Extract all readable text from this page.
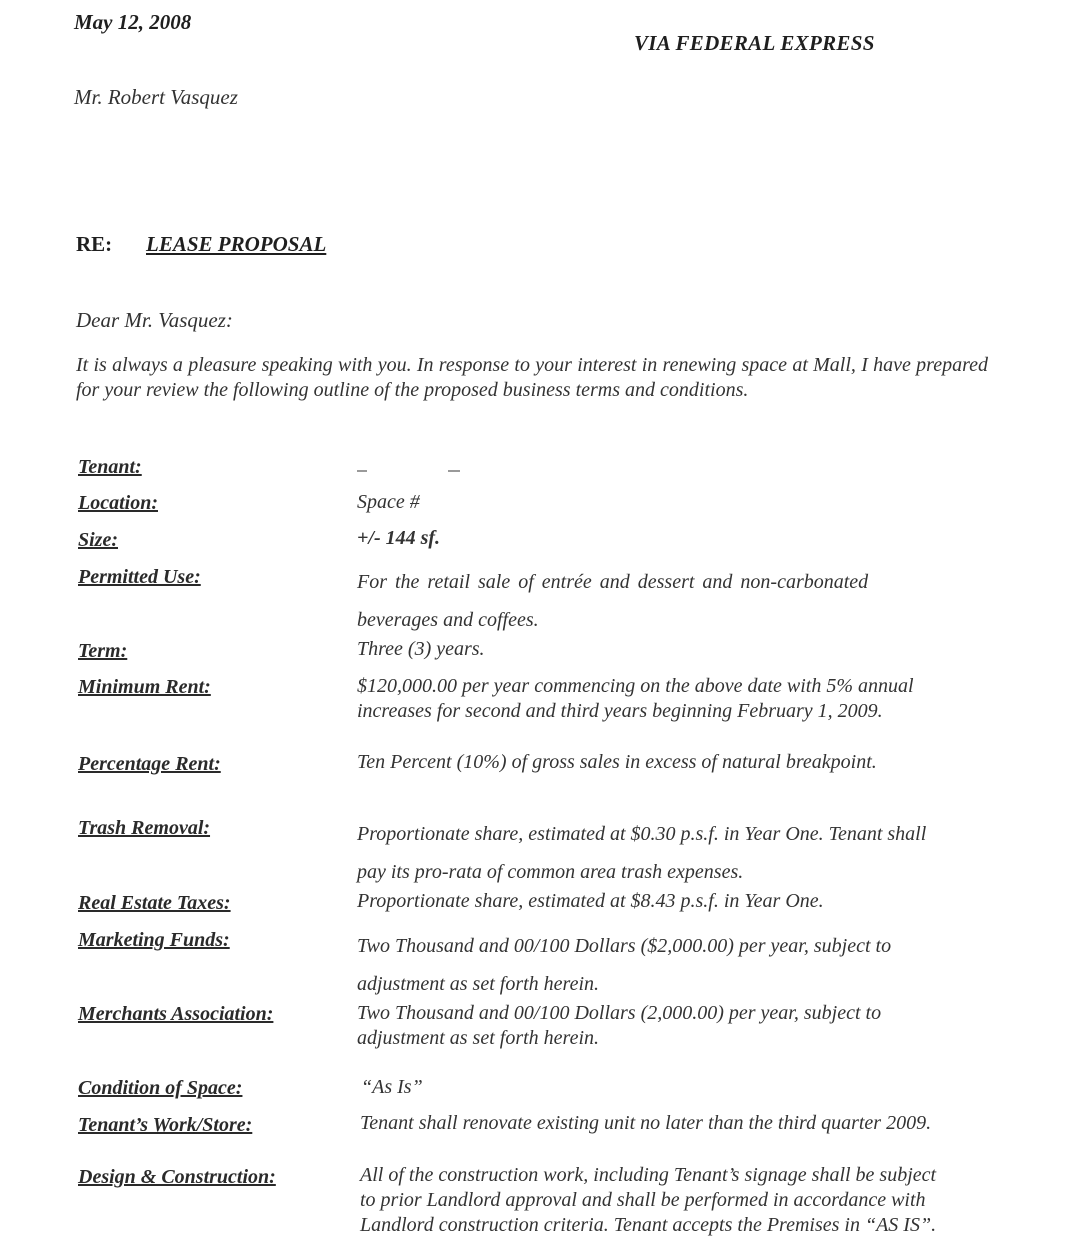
May 12, 2008
VIA FEDERAL EXPRESS
Mr. Robert Vasquez
RE: LEASE PROPOSAL
Dear Mr. Vasquez:
It is always a pleasure speaking with you. In response to your interest in renewing space at Mall, I have prepared for your review the following outline of the proposed business terms and conditions.
Tenant:
Location:
Size:
Permitted Use:
Term:
Minimum Rent:
Percentage Rent:
Trash Removal:
Real Estate Taxes:
Marketing Funds:
Merchants Association:
Condition of Space:
Tenant’s Work/Store:
Design & Construction:
Space #
+/- 144 sf.
For the retail sale of entrée and dessert and non-carbonated
beverages and coffees.
Three (3) years.
$120,000.00 per year commencing on the above date with 5% annual
increases for second and third years beginning February 1, 2009.
Ten Percent (10%) of gross sales in excess of natural breakpoint.
Proportionate share, estimated at $0.30 p.s.f. in Year One. Tenant shall
pay its pro-rata of common area trash expenses.
Proportionate share, estimated at $8.43 p.s.f. in Year One.
Two Thousand and 00/100 Dollars ($2,000.00) per year, subject to
adjustment as set forth herein.
Two Thousand and 00/100 Dollars (2,000.00) per year, subject to
adjustment as set forth herein.
“As Is”
Tenant shall renovate existing unit no later than the third quarter 2009.
All of the construction work, including Tenant’s signage shall be subject
to prior Landlord approval and shall be performed in accordance with
Landlord construction criteria. Tenant accepts the Premises in “AS IS”.
